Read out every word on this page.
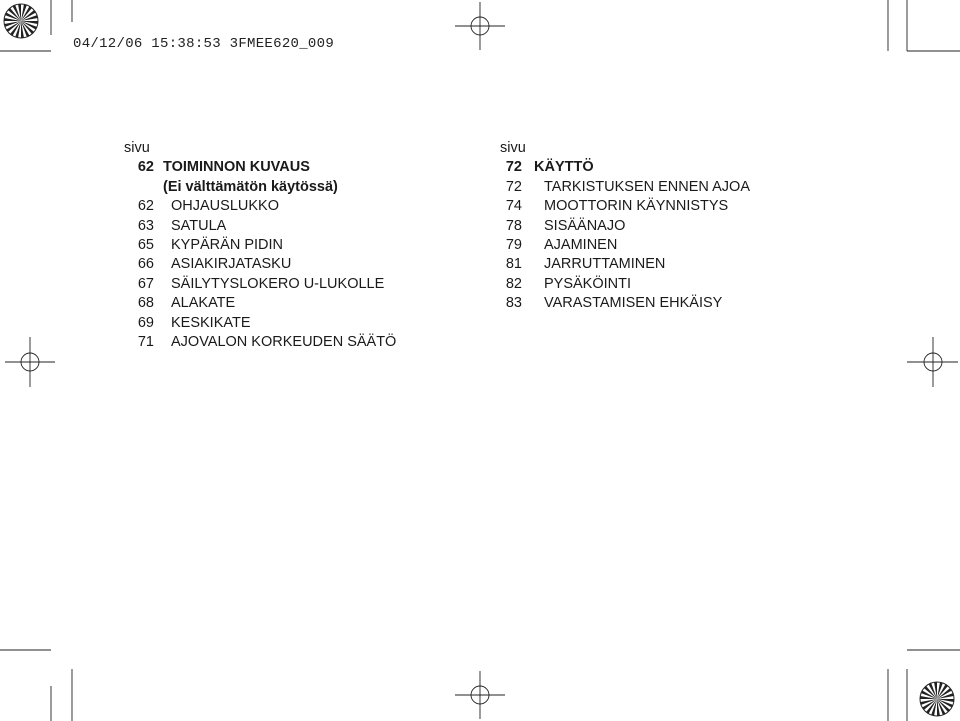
04/12/06 15:38:53 3FMEE620_009
sivu
62 TOIMINNON KUVAUS
(Ei välttämätön käytössä)
62	OHJAUSLUKKO
63	SATULA
65	KYPÄRÄN PIDIN
66	ASIAKIRJATASKU
67	SÄILYTYSLOKERO U-LUKOLLE
68	ALAKATE
69	KESKIKATE
71	AJOVALON KORKEUDEN SÄÄTÖ
sivu
72 KÄYTTÖ
72	TARKISTUKSEN ENNEN AJOA
74	MOOTTORIN KÄYNNISTYS
78	SISÄÄNAJO
79	AJAMINEN
81	JARRUTTAMINEN
82	PYSÄKÖINTI
83	VARASTAMISEN EHKÄISY
